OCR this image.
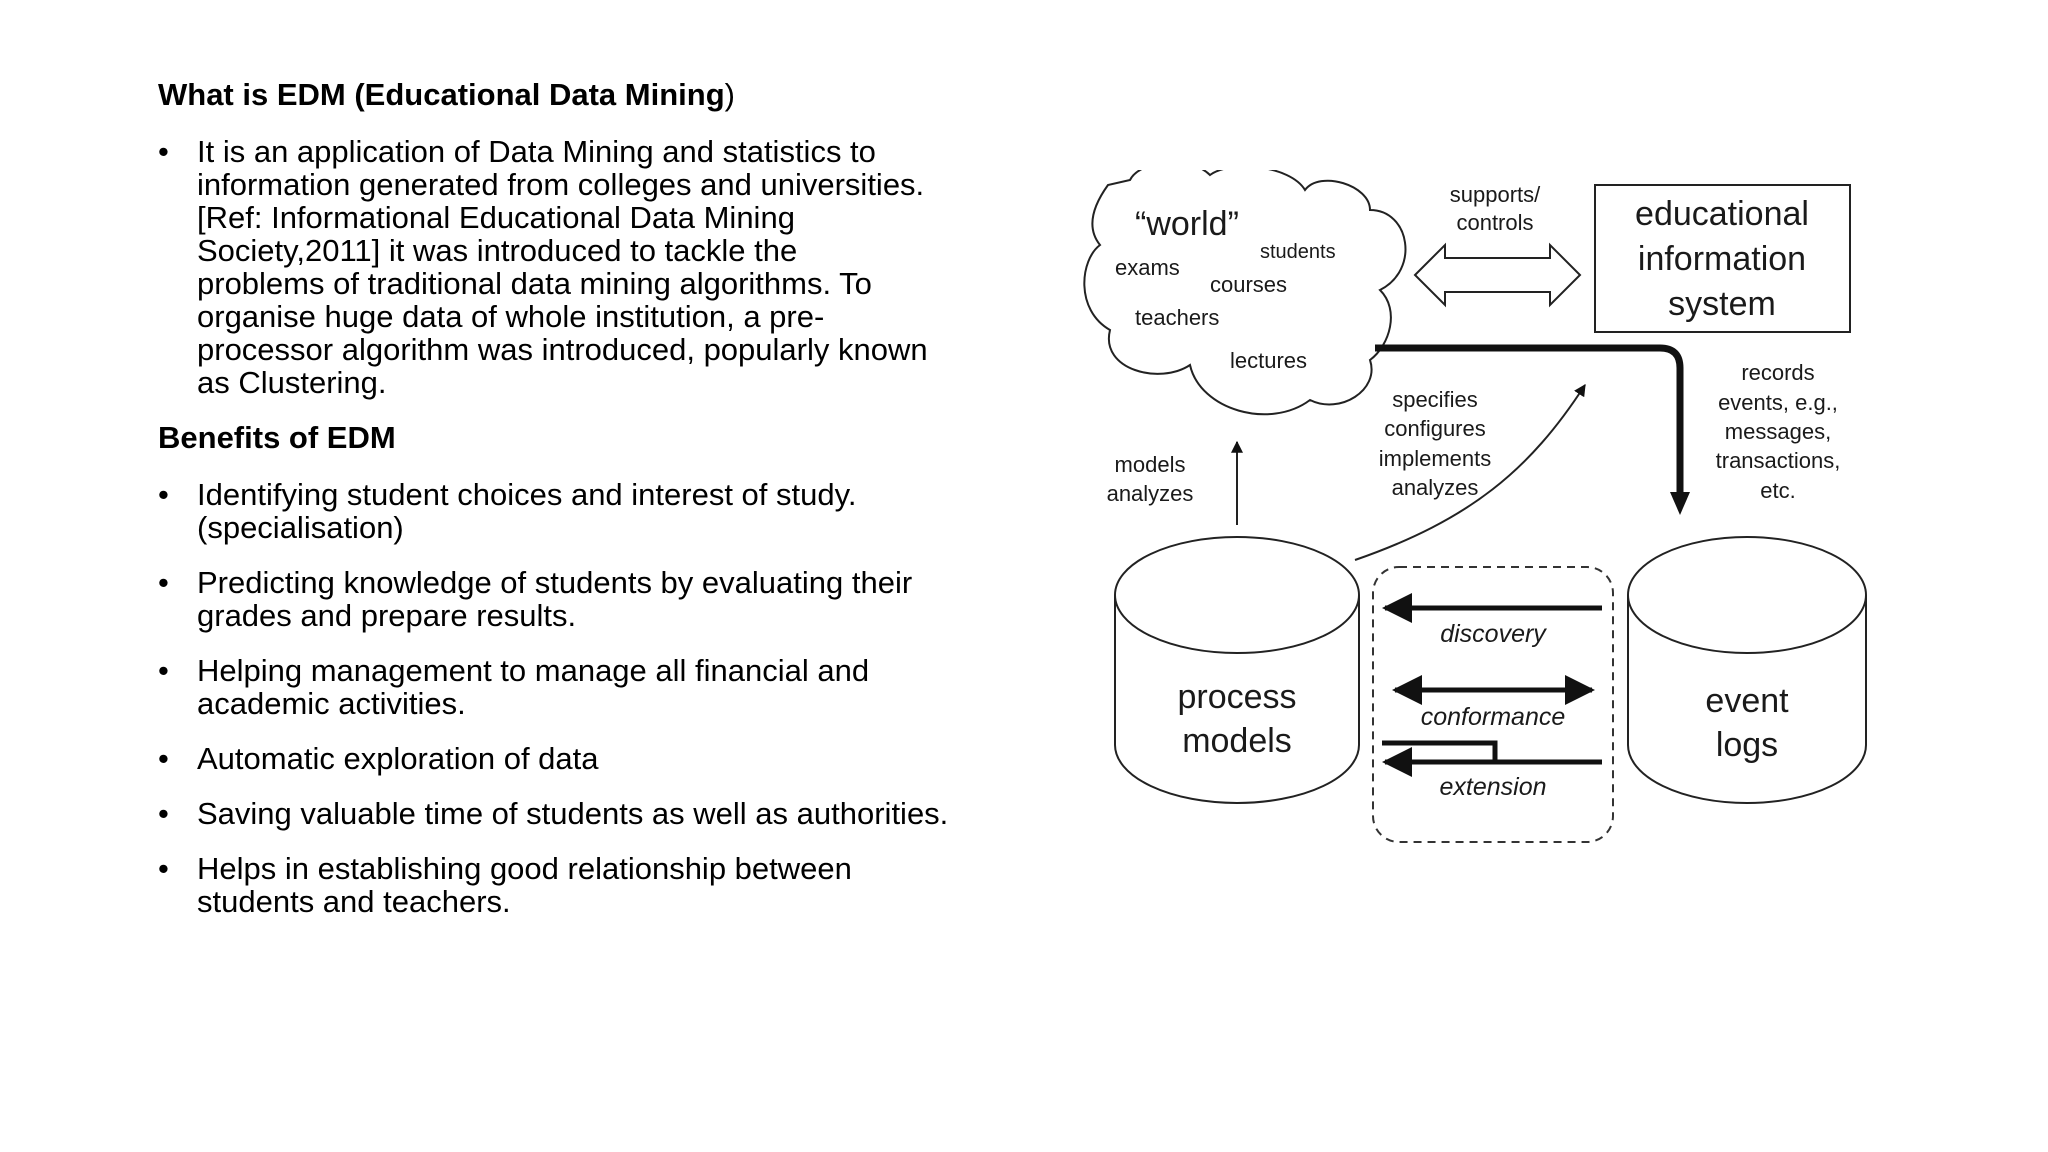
What is EDM (Educational Data Mining)
• It is an application of Data Mining and statistics to
information generated from colleges and universities.
[Ref: Informational Educational Data Mining
Society,2011] it was introduced to tackle the
problems of traditional data mining algorithms. To
organise huge data of whole institution, a pre-
processor algorithm was introduced, popularly known
as Clustering.
Benefits of EDM
• Identifying student choices and interest of study.
(specialisation)
• Predicting knowledge of students by evaluating their
grades and prepare results.
• Helping management to manage all financial and
academic activities.
• Automatic exploration of data
• Saving valuable time of students as well as authorities.
• Helps in establishing good relationship between
students and teachers.
“world”
exams
students
courses
teachers
lectures
supports/
controls	educational
information
system
records
events, e.g.,
messages,
transactions,
etc.
specifies
configures
implements
analyzes
models
analyzes
process
models
event
logs
discovery
conformance
extension
